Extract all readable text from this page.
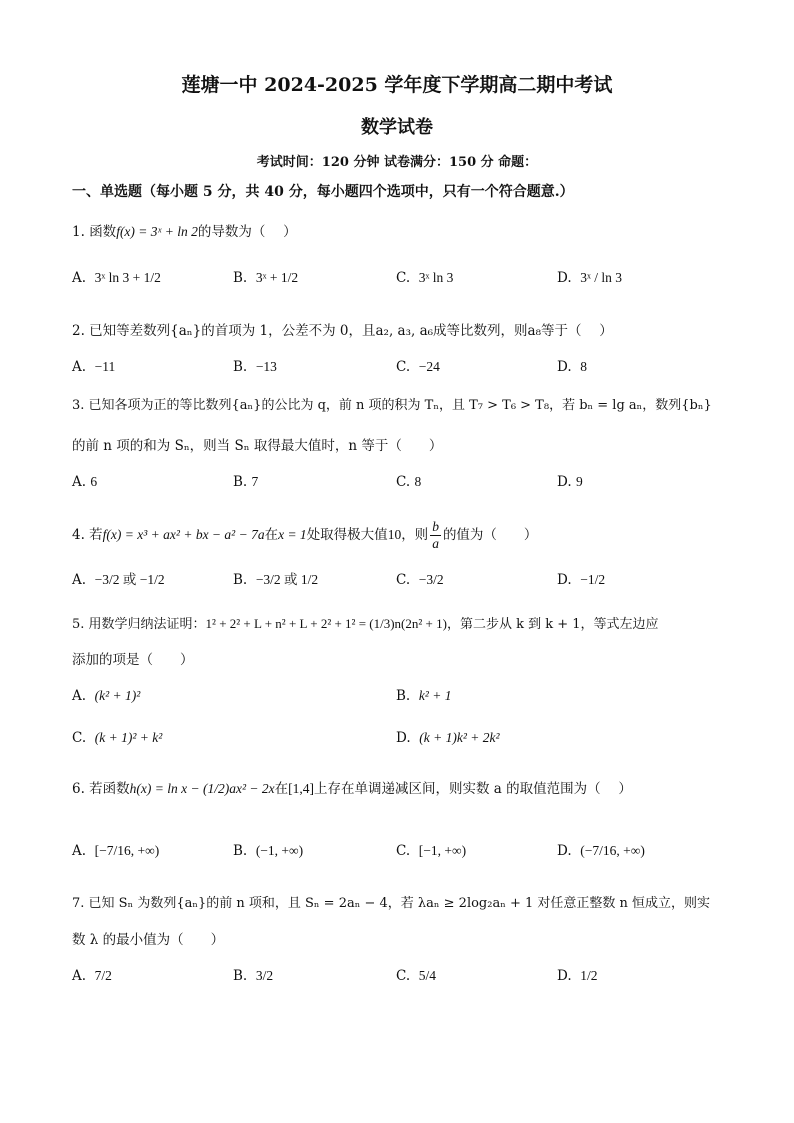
莲塘一中 2024-2025 学年度下学期高二期中考试
数学试卷
考试时间：120 分钟 试卷满分：150 分 命题：
一、单选题（每小题 5 分，共 40 分，每小题四个选项中，只有一个符合题意.）
1. 函数f(x) = 3ˣ + ln 2的导数为（　 ）
A. 3ˣ ln 3 + 1/2	B. 3ˣ + 1/2	C. 3ˣ ln 3	D. 3ˣ / ln 3
2. 已知等差数列{aₙ}的首项为 1，公差不为 0，且a₂, a₃, a₆成等比数列，则a₈等于（　 ）
A. −11	B. −13	C. −24	D. 8
3. 已知各项为正的等比数列{aₙ}的公比为 q，前 n 项的积为 Tₙ，且 T₇ > T₆ > T₈，若 bₙ = lg aₙ，数列{bₙ}
的前 n 项的和为 Sₙ，则当 Sₙ 取得最大值时，n 等于（　　）
A. 6	B. 7	C. 8	D. 9
4. 若f(x) = x³ + ax² + bx − a² − 7a在x = 1处取得极大值10，则 $\frac{b}{a}$ 的值为（　　）
A. −3/2 或 −1/2	B. −3/2 或 1/2	C. −3/2	D. −1/2
5. 用数学归纳法证明：1² + 2² + L + n² + L + 2² + 1² = (1/3)n(2n² + 1)，第二步从 k 到 k + 1，等式左边应
添加的项是（　　）
A. (k² + 1)²	B. k² + 1
C. (k + 1)² + k²	D. (k + 1)k² + 2k²
6. 若函数h(x) = ln x − (1/2)ax² − 2x在[1,4]上存在单调递减区间，则实数 a 的取值范围为（　 ）
A. [−7/16, +∞)	B. (−1, +∞)	C. [−1, +∞)	D. (−7/16, +∞)
7. 已知 Sₙ 为数列{aₙ}的前 n 项和，且 Sₙ = 2aₙ − 4，若 λaₙ ≥ 2log₂aₙ + 1 对任意正整数 n 恒成立，则实
数 λ 的最小值为（　　）
A. 7/2	B. 3/2	C. 5/4	D. 1/2
